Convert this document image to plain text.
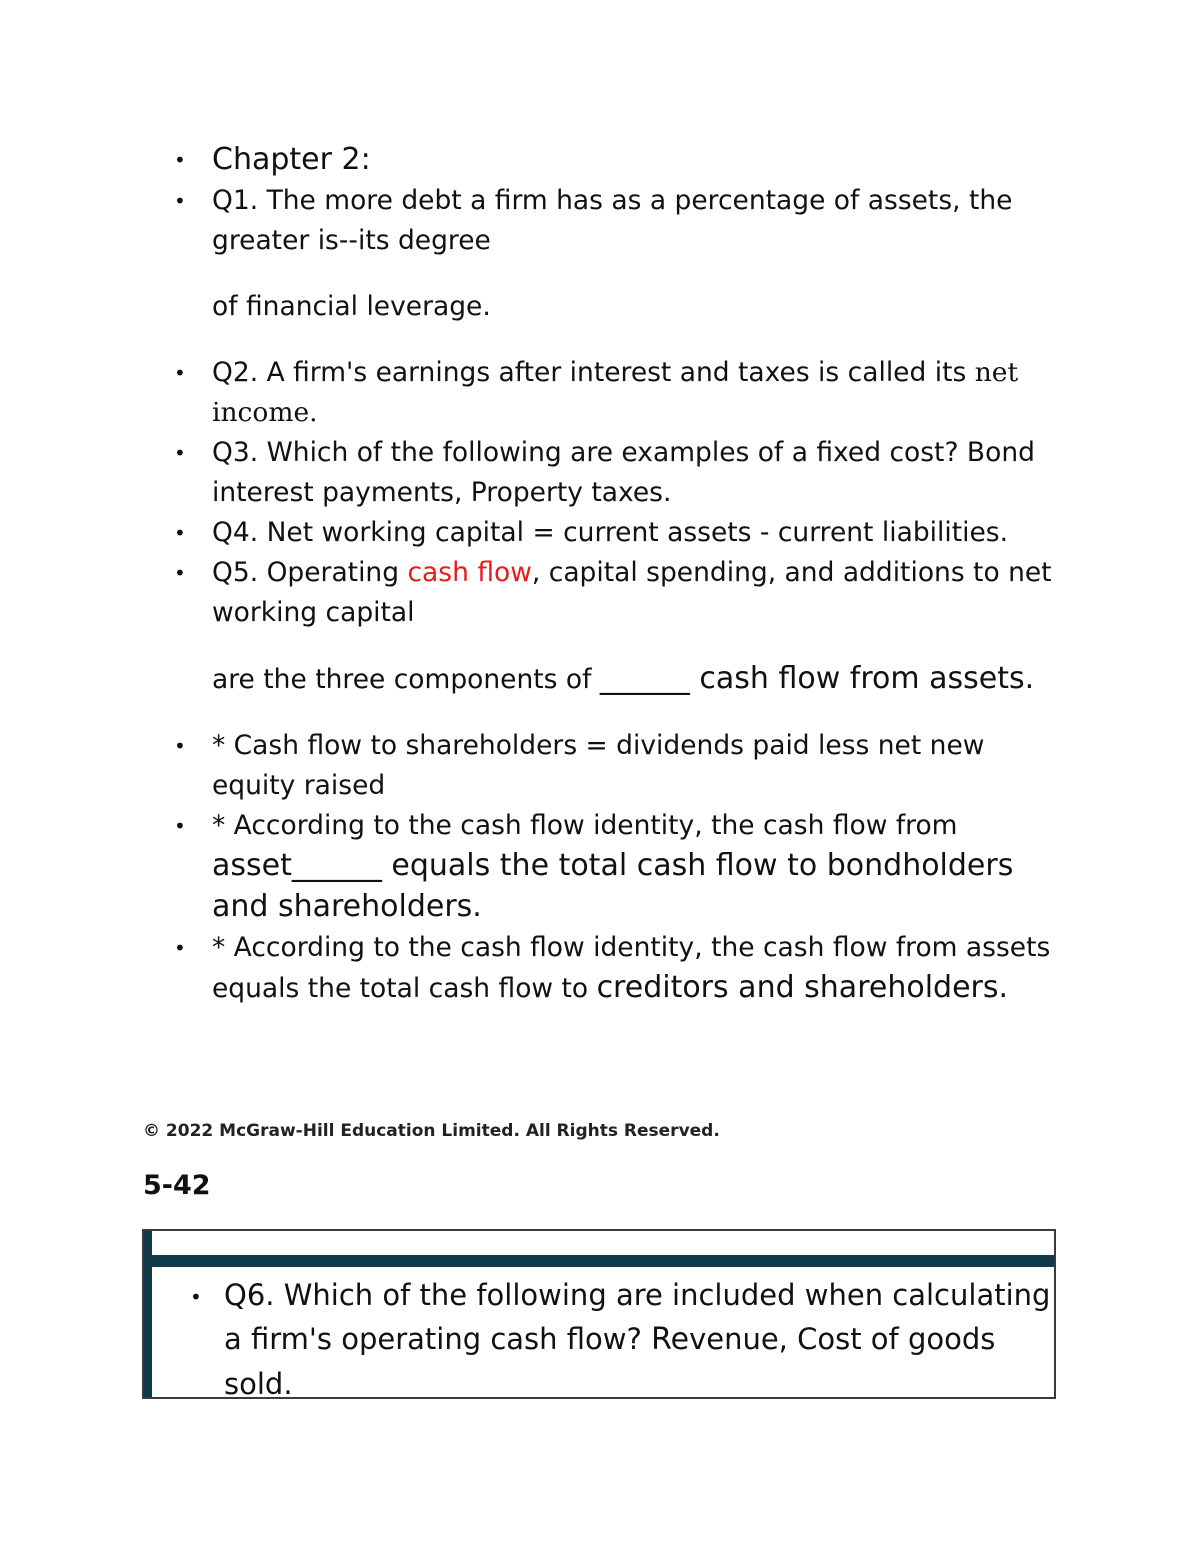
• Chapter 2:
• Q1. The more debt a firm has as a percentage of assets, the greater is--its degree
of financial leverage.
• Q2. A firm's earnings after interest and taxes is called its net income.
• Q3. Which of the following are examples of a fixed cost? Bond interest payments, Property taxes.
• Q4. Net working capital = current assets - current liabilities.
• Q5. Operating cash flow, capital spending, and additions to net working capital
are the three components of ______ cash flow from assets.
• * Cash flow to shareholders = dividends paid less net new equity raised
• * According to the cash flow identity, the cash flow from asset______ equals the total cash flow to bondholders and shareholders.
• * According to the cash flow identity, the cash flow from assets equals the total cash flow to creditors and shareholders.
© 2022 McGraw-Hill Education Limited. All Rights Reserved.
5-42
• Q6. Which of the following are included when calculating a firm's operating cash flow? Revenue, Cost of goods sold.
